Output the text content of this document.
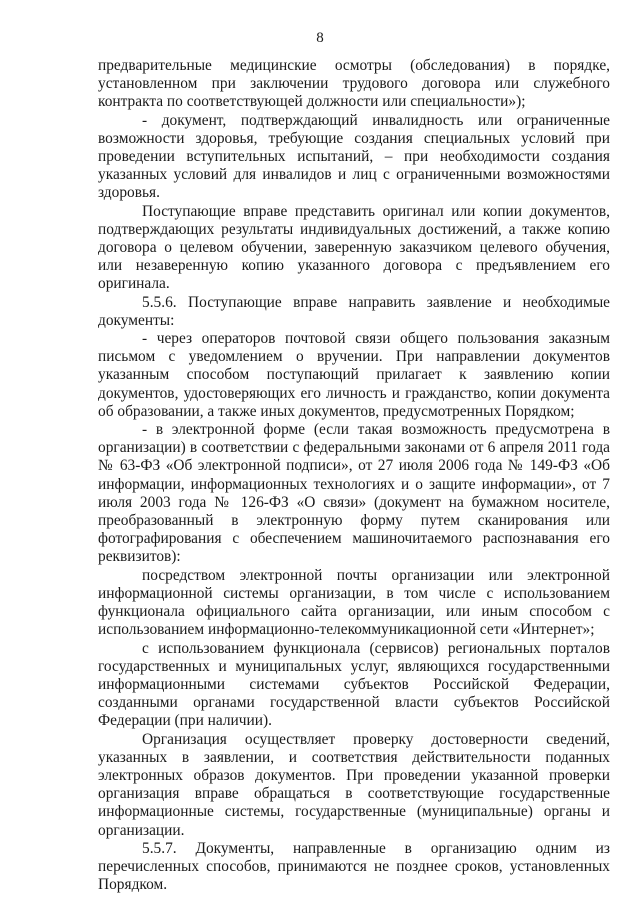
8

предварительные медицинские осмотры (обследования) в порядке, установленном при заключении трудового договора или служебного контракта по соответствующей должности или специальности»);

- документ, подтверждающий инвалидность или ограниченные возможности здоровья, требующие создания специальных условий при проведении вступительных испытаний, – при необходимости создания указанных условий для инвалидов и лиц с ограниченными возможностями здоровья.

Поступающие вправе представить оригинал или копии документов, подтверждающих результаты индивидуальных достижений, а также копию договора о целевом обучении, заверенную заказчиком целевого обучения, или незаверенную копию указанного договора с предъявлением его оригинала.

5.5.6. Поступающие вправе направить заявление и необходимые документы:

- через операторов почтовой связи общего пользования заказным письмом с уведомлением о вручении. При направлении документов указанным способом поступающий прилагает к заявлению копии документов, удостоверяющих его личность и гражданство, копии документа об образовании, а также иных документов, предусмотренных Порядком;

- в электронной форме (если такая возможность предусмотрена в организации) в соответствии с федеральными законами от 6 апреля 2011 года № 63-ФЗ «Об электронной подписи», от 27 июля 2006 года № 149-ФЗ «Об информации, информационных технологиях и о защите информации», от 7 июля 2003 года № 126-ФЗ «О связи» (документ на бумажном носителе, преобразованный в электронную форму путем сканирования или фотографирования с обеспечением машиночитаемого распознавания его реквизитов):

посредством электронной почты организации или электронной информационной системы организации, в том числе с использованием функционала официального сайта организации, или иным способом с использованием информационно-телекоммуникационной сети «Интернет»;

с использованием функционала (сервисов) региональных порталов государственных и муниципальных услуг, являющихся государственными информационными системами субъектов Российской Федерации, созданными органами государственной власти субъектов Российской Федерации (при наличии).

Организация осуществляет проверку достоверности сведений, указанных в заявлении, и соответствия действительности поданных электронных образов документов. При проведении указанной проверки организация вправе обращаться в соответствующие государственные информационные системы, государственные (муниципальные) органы и организации.

5.5.7. Документы, направленные в организацию одним из перечисленных способов, принимаются не позднее сроков, установленных Порядком.
